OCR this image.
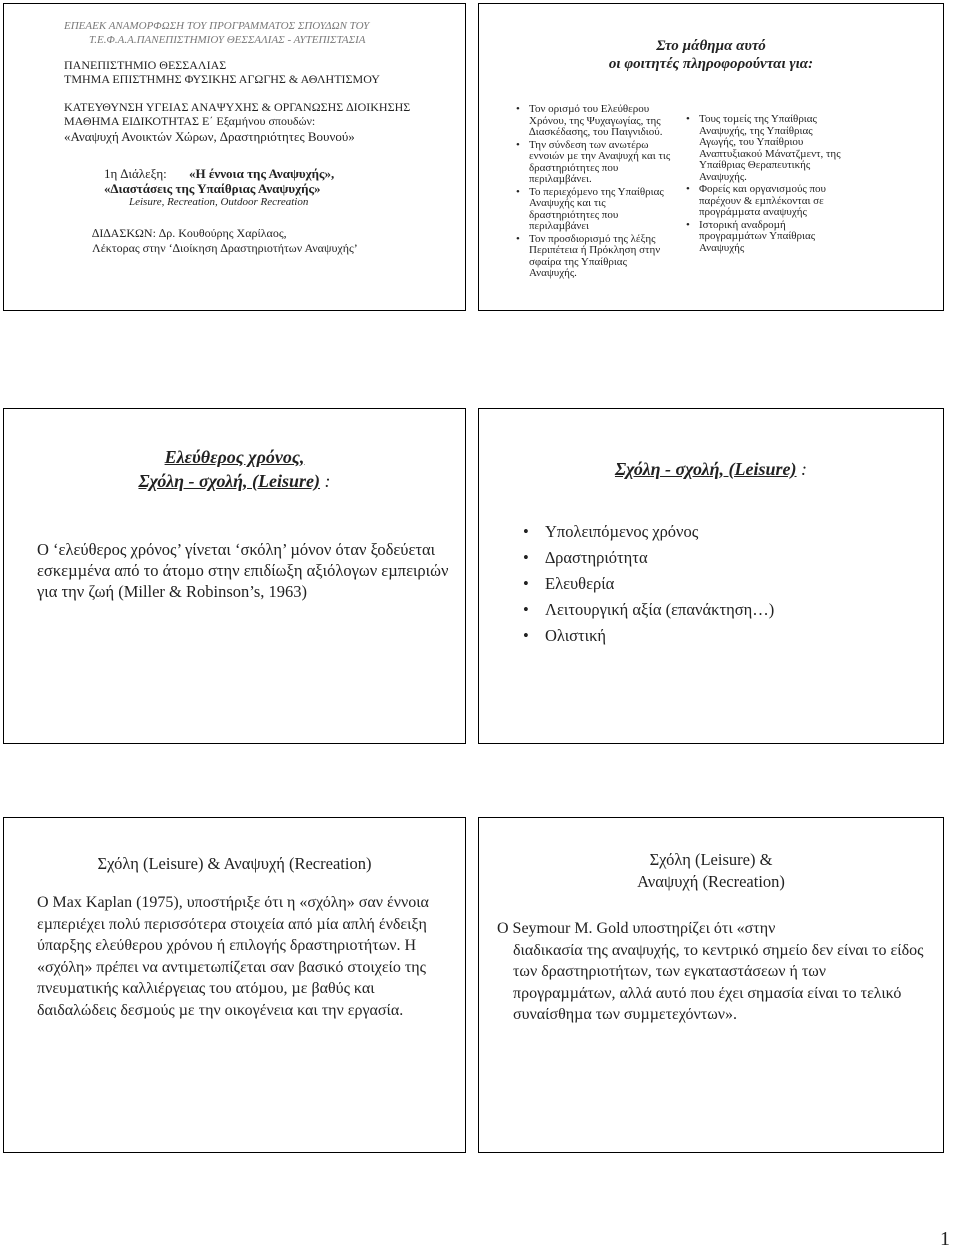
ΕΠΕΑΕΚ ΑΝΑΜΟΡΦΩΣΗ ΤΟΥ ΠΡΟΓΡΑΜΜΑΤΟΣ ΣΠΟΥΔΩΝ ΤΟΥ

Τ.Ε.Φ.Α.Α.ΠΑΝΕΠΙΣΤΗΜΙΟΥ ΘΕΣΣΑΛΙΑΣ - ΑΥΤΕΠΙΣΤΑΣΙΑ

ΠΑΝΕΠΙΣΤΗΜΙΟ ΘΕΣΣΑΛΙΑΣ

ΤΜΗΜΑ ΕΠΙΣΤΗΜΗΣ ΦΥΣΙΚΗΣ ΑΓΩΓΗΣ & ΑΘΛΗΤΙΣΜΟΥ

ΚΑΤΕΥΘΥΝΣΗ ΥΓΕΙΑΣ ΑΝΑΨΥΧΗΣ & ΟΡΓΑΝΩΣΗΣ ∆ΙΟΙΚΗΣΗΣ

ΜΑΘΗΜΑ ΕΙ∆ΙΚΟΤΗΤΑΣ Ε΄ Εξαµήνου σπουδών:

«Αναψυχή Ανοικτών Χώρων, ∆ραστηριότητες Βουνού»

1η ∆ιάλεξη: «Η έννοια της Αναψυχής»,

«∆ιαστάσεις της Υπαίθριας Αναψυχής»

Leisure, Recreation, Outdoor Recreation

∆Ι∆ΑΣΚΩΝ: ∆ρ. Κουθούρης Χαρίλαος,

Λέκτορας στην ‘∆ιοίκηση ∆ραστηριοτήτων Αναψυχής’

Στο µάθηµα αυτό

οι φοιτητές πληροφορούνται για:

• Τον ορισµό του Ελεύθερου Χρόνου, της Ψυχαγωγίας, της ∆ιασκέδασης, του Παιγνιδιού.
• Την σύνδεση των ανωτέρω εννοιών µε την Αναψυχή και τις δραστηριότητες που περιλαµβάνει.
• Το περιεχόµενο της Υπαίθριας Αναψυχής και τις δραστηριότητες που περιλαµβάνει
• Τον προσδιορισµό της λέξης Περιπέτεια ή Πρόκληση στην σφαίρα της Υπαίθριας Αναψυχής.
• Τους τοµείς της Υπαίθριας Αναψυχής, της Υπαίθριας Αγωγής, του Υπαίθριου Αναπτυξιακού Μάνατζµεντ, της Υπαίθριας Θεραπευτικής Αναψυχής.
• Φορείς και οργανισµούς που παρέχουν & εµπλέκονται σε προγράµµατα αναψυχής
• Ιστορική αναδροµή προγραµµάτων Υπαίθριας Αναψυχής

Ελεύθερος χρόνος,

Σχόλη - σχολή, (Leisure) :

Ο ‘ελεύθερος χρόνος’ γίνεται ‘σκόλη’ µόνον όταν ξοδεύεται εσκεµµένα από το άτοµο στην επιδίωξη αξιόλογων εµπειριών για την ζωή (Miller & Robinson’s, 1963)

Σχόλη - σχολή, (Leisure) :

• Υπολειπόµενος χρόνος
• ∆ραστηριότητα
• Ελευθερία
• Λειτουργική αξία (επανάκτηση…)
• Ολιστική

Σχόλη (Leisure) & Αναψυχή (Recreation)

Ο Max Kaplan (1975), υποστήριξε ότι η «σχόλη» σαν έννοια εµπεριέχει πολύ περισσότερα στοιχεία από µία απλή ένδειξη ύπαρξης ελεύθερου χρόνου ή επιλογής δραστηριοτήτων. Η «σχόλη» πρέπει να αντιµετωπίζεται σαν βασικό στοιχείο της πνευµατικής καλλιέργειας του ατόµου, µε βαθύς και δαιδαλώδεις δεσµούς µε την οικογένεια και την εργασία.

Σχόλη (Leisure) &

Αναψυχή (Recreation)

Ο Seymour M. Gold υποστηρίζει ότι «στην
διαδικασία της αναψυχής, το κεντρικό σηµείο δεν είναι το είδος των δραστηριοτήτων, των εγκαταστάσεων ή των προγραµµάτων, αλλά αυτό που έχει σηµασία είναι το τελικό συναίσθηµα των συµµετεχόντων».

1
